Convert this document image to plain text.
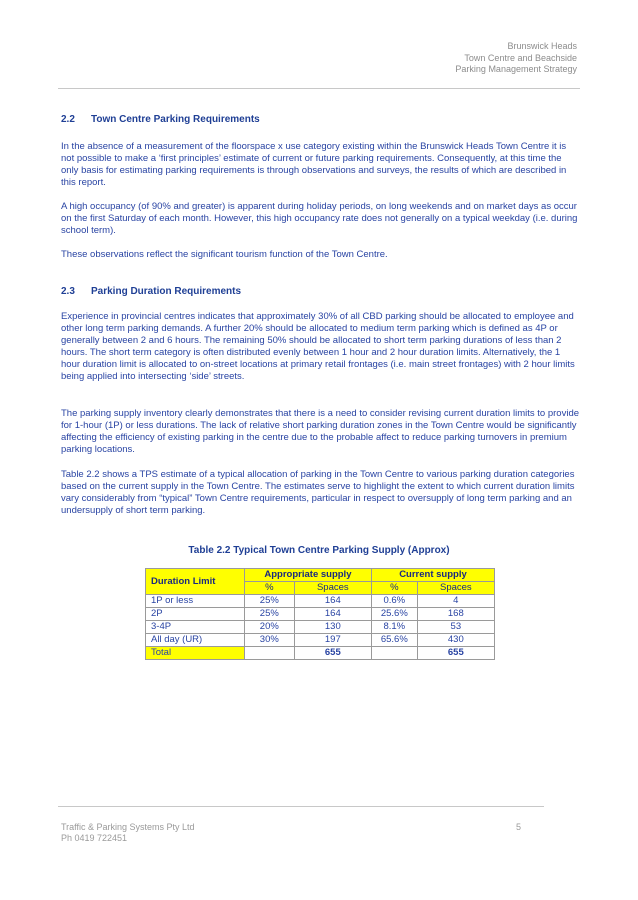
Brunswick Heads
Town Centre and Beachside
Parking Management Strategy
2.2 Town Centre Parking Requirements

In the absence of a measurement of the floorspace x use category existing within the Brunswick Heads Town Centre it is not possible to make a ‘first principles’ estimate of current or future parking requirements. Consequently, at this time the only basis for estimating parking requirements is through observations and surveys, the results of which are described in this report.

A high occupancy (of 90% and greater) is apparent during holiday periods, on long weekends and on market days as occur on the first Saturday of each month. However, this high occupancy rate does not generally on a typical weekday (i.e. during school term).

These observations reflect the significant tourism function of the Town Centre.

2.3 Parking Duration Requirements

Experience in provincial centres indicates that approximately 30% of all CBD parking should be allocated to employee and other long term parking demands. A further 20% should be allocated to medium term parking which is defined as 4P or generally between 2 and 6 hours. The remaining 50% should be allocated to short term parking durations of less than 2 hours. The short term category is often distributed evenly between 1 hour and 2 hour duration limits. Alternatively, the 1 hour duration limit is allocated to on-street locations at primary retail frontages (i.e. main street frontages) with 2 hour limits being applied into intersecting ‘side’ streets.

The parking supply inventory clearly demonstrates that there is a need to consider revising current duration limits to provide for 1-hour (1P) or less durations. The lack of relative short parking duration zones in the Town Centre would be significantly affecting the efficiency of existing parking in the centre due to the probable affect to reduce parking turnovers in premium parking locations.

Table 2.2 shows a TPS estimate of a typical allocation of parking in the Town Centre to various parking duration categories based on the current supply in the Town Centre. The estimates serve to highlight the extent to which current duration limits vary considerably from “typical” Town Centre requirements, particular in respect to oversupply of long term parking and an undersupply of short term parking.

Table 2.2 Typical Town Centre Parking Supply (Approx)
Duration Limit	Appropriate supply		Current supply	
	%	Spaces	%	Spaces
1P or less	25%	164	0.6%	4
2P	25%	164	25.6%	168
3-4P	20%	130	8.1%	53
All day (UR)	30%	197	65.6%	430
Total		655		655
Traffic & Parking Systems Pty Ltd
Ph 0419 722451
5
